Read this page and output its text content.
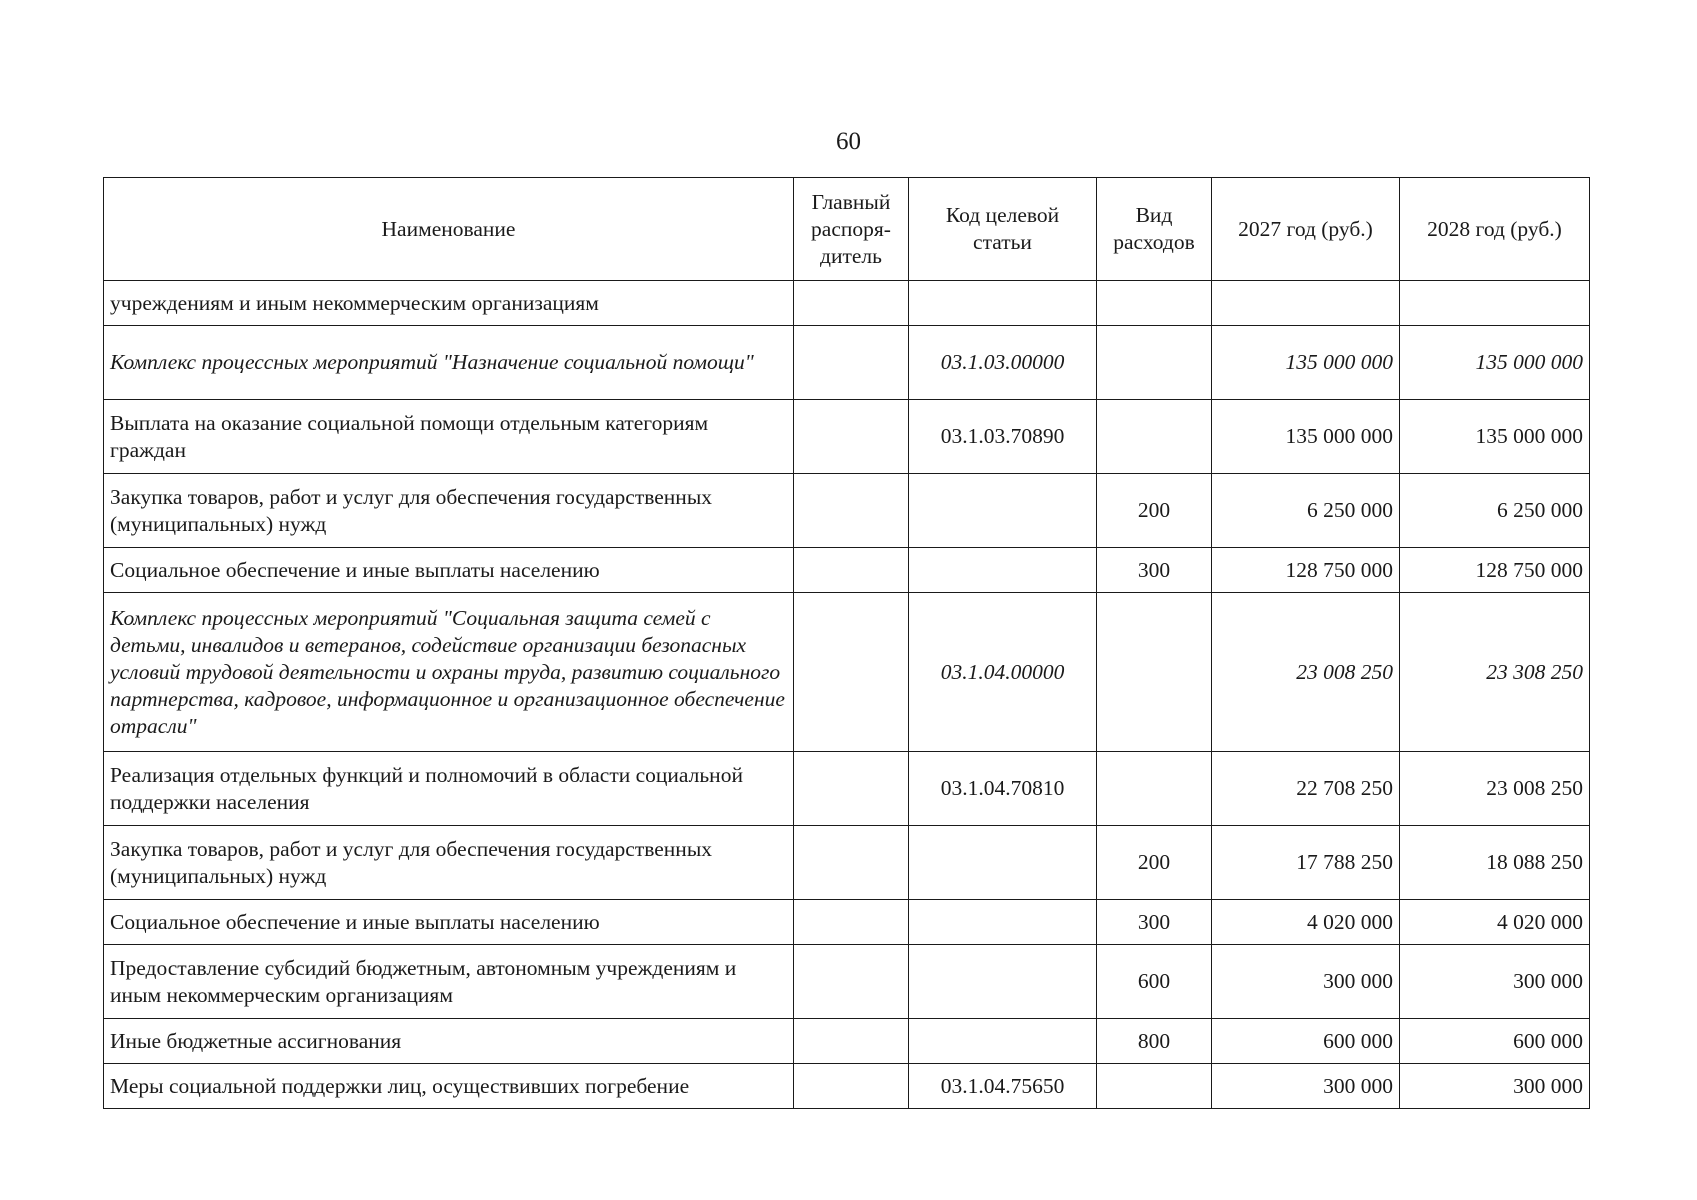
60
Наименование	Главный распоря-дитель	Код целевой статьи	Вид расходов	2027 год (руб.)	2028 год (руб.)
учреждениям и иным некоммерческим организациям					
Комплекс процессных мероприятий "Назначение социальной помощи"		03.1.03.00000		135 000 000	135 000 000
Выплата на оказание социальной помощи отдельным категориям граждан		03.1.03.70890		135 000 000	135 000 000
Закупка товаров, работ и услуг для обеспечения государственных (муниципальных) нужд			200	6 250 000	6 250 000
Социальное обеспечение и иные выплаты населению			300	128 750 000	128 750 000
Комплекс процессных мероприятий "Социальная защита семей с детьми, инвалидов и ветеранов, содействие организации безопасных условий трудовой деятельности и охраны труда, развитию социального партнерства, кадровое, информационное и организационное обеспечение отрасли"		03.1.04.00000		23 008 250	23 308 250
Реализация отдельных функций и полномочий в области социальной поддержки населения		03.1.04.70810		22 708 250	23 008 250
Закупка товаров, работ и услуг для обеспечения государственных (муниципальных) нужд			200	17 788 250	18 088 250
Социальное обеспечение и иные выплаты населению			300	4 020 000	4 020 000
Предоставление субсидий бюджетным, автономным учреждениям и иным некоммерческим организациям			600	300 000	300 000
Иные бюджетные ассигнования			800	600 000	600 000
Меры социальной поддержки лиц, осуществивших погребение		03.1.04.75650		300 000	300 000
